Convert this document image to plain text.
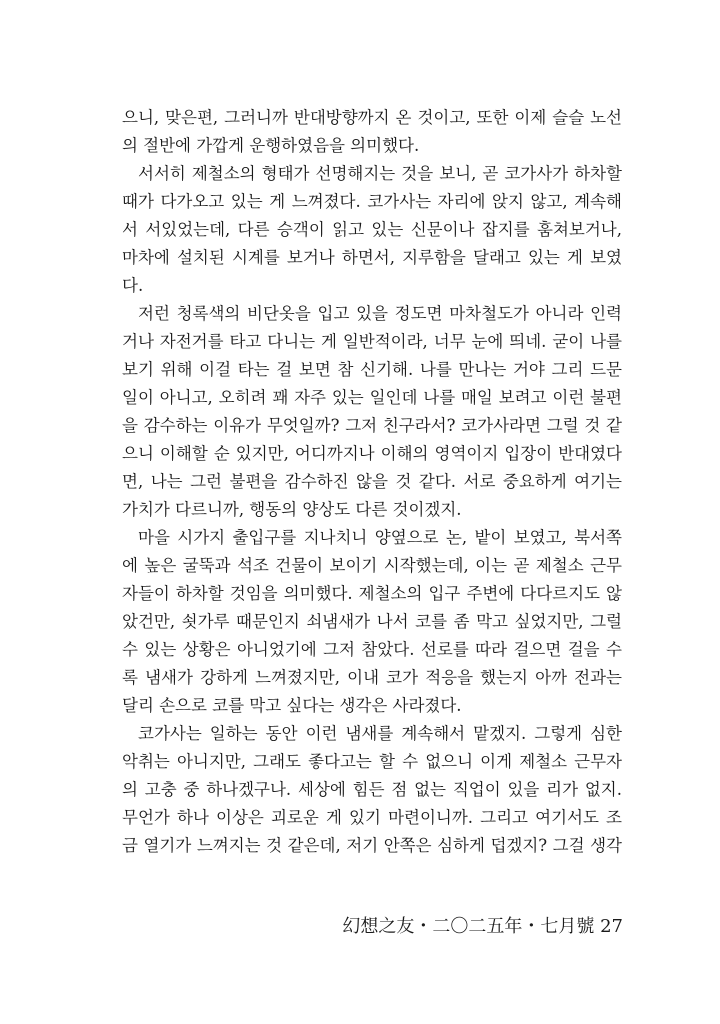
으니, 맞은편, 그러니까 반대방향까지 온 것이고, 또한 이제 슬슬 노선
의 절반에 가깝게 운행하였음을 의미했다.
서서히 제철소의 형태가 선명해지는 것을 보니, 곧 코가사가 하차할
때가 다가오고 있는 게 느껴졌다. 코가사는 자리에 앉지 않고, 계속해
서 서있었는데, 다른 승객이 읽고 있는 신문이나 잡지를 훔쳐보거나,
마차에 설치된 시계를 보거나 하면서, 지루함을 달래고 있는 게 보였
다.
저런 청록색의 비단옷을 입고 있을 정도면 마차철도가 아니라 인력
거나 자전거를 타고 다니는 게 일반적이라, 너무 눈에 띄네. 굳이 나를
보기 위해 이걸 타는 걸 보면 참 신기해. 나를 만나는 거야 그리 드문
일이 아니고, 오히려 꽤 자주 있는 일인데 나를 매일 보려고 이런 불편
을 감수하는 이유가 무엇일까? 그저 친구라서? 코가사라면 그럴 것 같
으니 이해할 순 있지만, 어디까지나 이해의 영역이지 입장이 반대였다
면, 나는 그런 불편을 감수하진 않을 것 같다. 서로 중요하게 여기는
가치가 다르니까, 행동의 양상도 다른 것이겠지.
마을 시가지 출입구를 지나치니 양옆으로 논, 밭이 보였고, 북서쪽
에 높은 굴뚝과 석조 건물이 보이기 시작했는데, 이는 곧 제철소 근무
자들이 하차할 것임을 의미했다. 제철소의 입구 주변에 다다르지도 않
았건만, 쇳가루 때문인지 쇠냄새가 나서 코를 좀 막고 싶었지만, 그럴
수 있는 상황은 아니었기에 그저 참았다. 선로를 따라 걸으면 걸을 수
록 냄새가 강하게 느껴졌지만, 이내 코가 적응을 했는지 아까 전과는
달리 손으로 코를 막고 싶다는 생각은 사라졌다.
코가사는 일하는 동안 이런 냄새를 계속해서 맡겠지. 그렇게 심한
악취는 아니지만, 그래도 좋다고는 할 수 없으니 이게 제철소 근무자
의 고충 중 하나겠구나. 세상에 힘든 점 없는 직업이 있을 리가 없지.
무언가 하나 이상은 괴로운 게 있기 마련이니까. 그리고 여기서도 조
금 열기가 느껴지는 것 같은데, 저기 안쪽은 심하게 덥겠지? 그걸 생각
幻想之友・二〇二五年・七月號 27
